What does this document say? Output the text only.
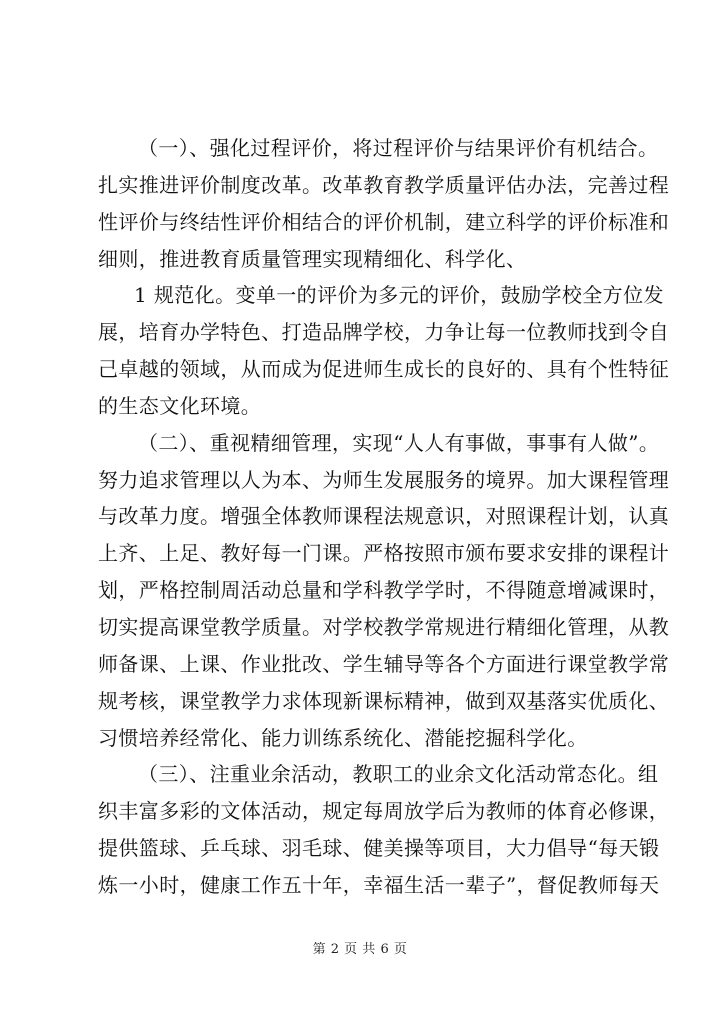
（一）、强化过程评价，将过程评价与结果评价有机结合。
扎实推进评价制度改革。改革教育教学质量评估办法，完善过程
性评价与终结性评价相结合的评价机制，建立科学的评价标准和
细则，推进教育质量管理实现精细化、科学化、
1 规范化。变单一的评价为多元的评价，鼓励学校全方位发
展，培育办学特色、打造品牌学校，力争让每一位教师找到令自
己卓越的领域，从而成为促进师生成长的良好的、具有个性特征
的生态文化环境。
（二）、重视精细管理，实现“人人有事做，事事有人做”。
努力追求管理以人为本、为师生发展服务的境界。加大课程管理
与改革力度。增强全体教师课程法规意识，对照课程计划，认真
上齐、上足、教好每一门课。严格按照市颁布要求安排的课程计
划，严格控制周活动总量和学科教学学时，不得随意增减课时，
切实提高课堂教学质量。对学校教学常规进行精细化管理，从教
师备课、上课、作业批改、学生辅导等各个方面进行课堂教学常
规考核，课堂教学力求体现新课标精神，做到双基落实优质化、
习惯培养经常化、能力训练系统化、潜能挖掘科学化。
（三）、注重业余活动，教职工的业余文化活动常态化。组
织丰富多彩的文体活动，规定每周放学后为教师的体育必修课，
提供篮球、乒乓球、羽毛球、健美操等项目，大力倡导“每天锻
炼一小时，健康工作五十年，幸福生活一辈子”，督促教师每天
第 2 页 共 6 页
